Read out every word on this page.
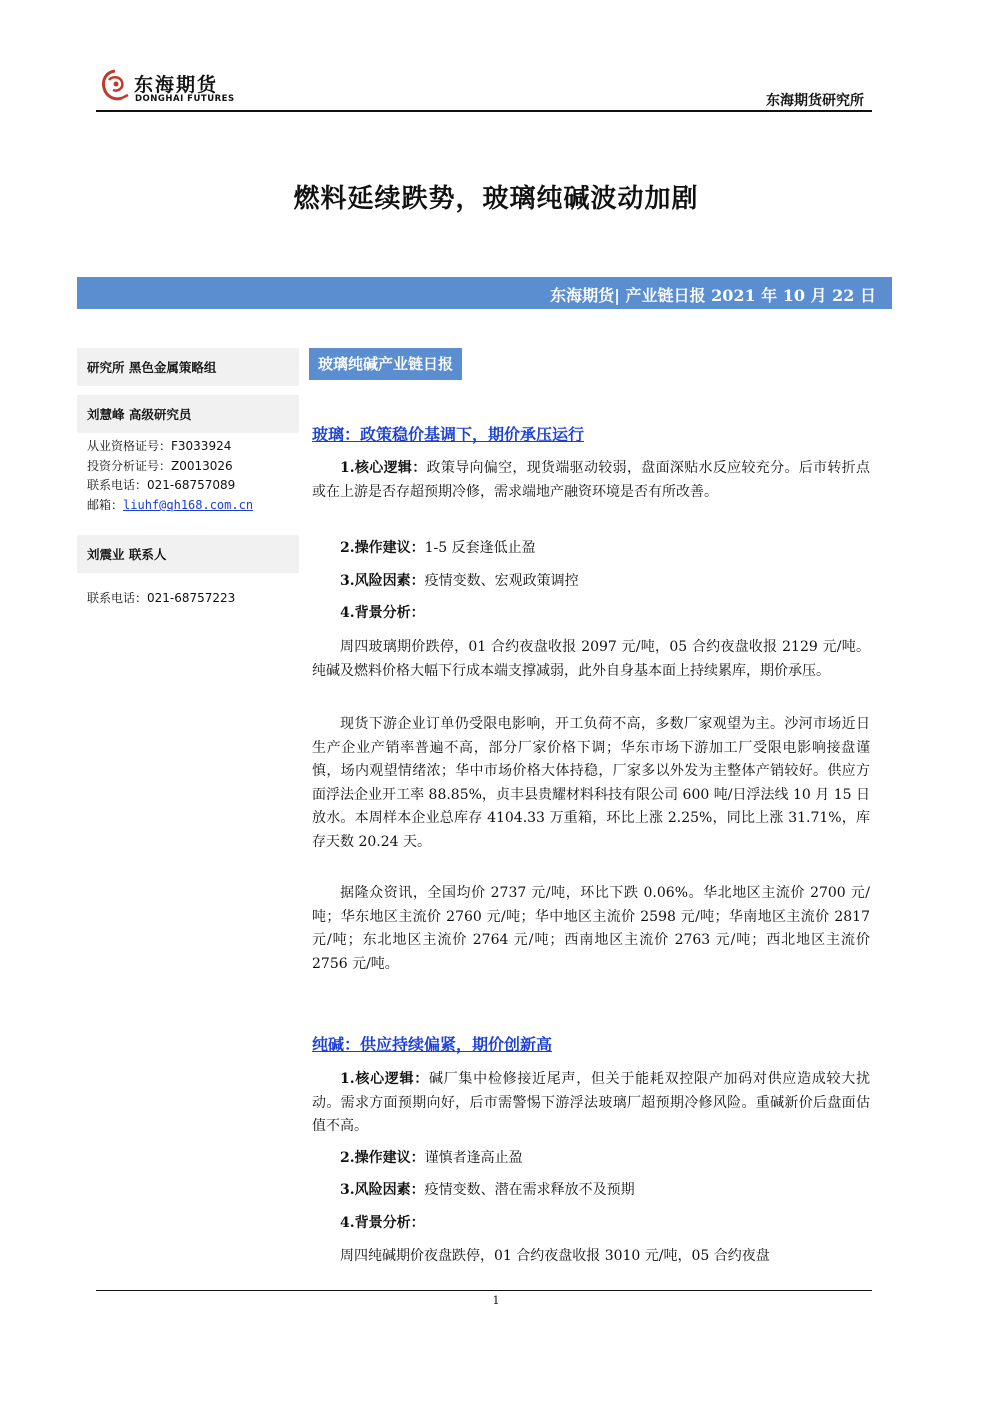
东海期货
DONGHAI FUTURES	东海期货研究所
燃料延续跌势，玻璃纯碱波动加剧
东海期货| 产业链日报 2021 年 10 月 22 日
研究所 黑色金属策略组
刘慧峰 高级研究员
从业资格证号：F3033924
投资分析证号：Z0013026
联系电话：021-68757089
邮箱：liuhf@qh168.com.cn
刘震业 联系人
联系电话：021-68757223
玻璃纯碱产业链日报
玻璃：政策稳价基调下，期价承压运行
1.核心逻辑：政策导向偏空，现货端驱动较弱，盘面深贴水反应较充分。后市转折点或在上游是否存超预期冷修，需求端地产融资环境是否有所改善。
2.操作建议：1-5 反套逢低止盈
3.风险因素：疫情变数、宏观政策调控
4.背景分析：
周四玻璃期价跌停，01 合约夜盘收报 2097 元/吨，05 合约夜盘收报 2129 元/吨。纯碱及燃料价格大幅下行成本端支撑减弱，此外自身基本面上持续累库，期价承压。
现货下游企业订单仍受限电影响，开工负荷不高，多数厂家观望为主。沙河市场近日生产企业产销率普遍不高，部分厂家价格下调；华东市场下游加工厂受限电影响接盘谨慎，场内观望情绪浓；华中市场价格大体持稳，厂家多以外发为主整体产销较好。供应方面浮法企业开工率 88.85%，贞丰县贵耀材料科技有限公司 600 吨/日浮法线 10 月 15 日放水。本周样本企业总库存 4104.33 万重箱，环比上涨 2.25%，同比上涨 31.71%，库存天数 20.24 天。
据隆众资讯，全国均价 2737 元/吨，环比下跌 0.06%。华北地区主流价 2700 元/吨；华东地区主流价 2760 元/吨；华中地区主流价 2598 元/吨；华南地区主流价 2817 元/吨；东北地区主流价 2764 元/吨；西南地区主流价 2763 元/吨；西北地区主流价 2756 元/吨。
纯碱：供应持续偏紧，期价创新高
1.核心逻辑：碱厂集中检修接近尾声，但关于能耗双控限产加码对供应造成较大扰动。需求方面预期向好，后市需警惕下游浮法玻璃厂超预期冷修风险。重碱新价后盘面估值不高。
2.操作建议：谨慎者逢高止盈
3.风险因素：疫情变数、潜在需求释放不及预期
4.背景分析：
周四纯碱期价夜盘跌停，01 合约夜盘收报 3010 元/吨，05 合约夜盘
1
